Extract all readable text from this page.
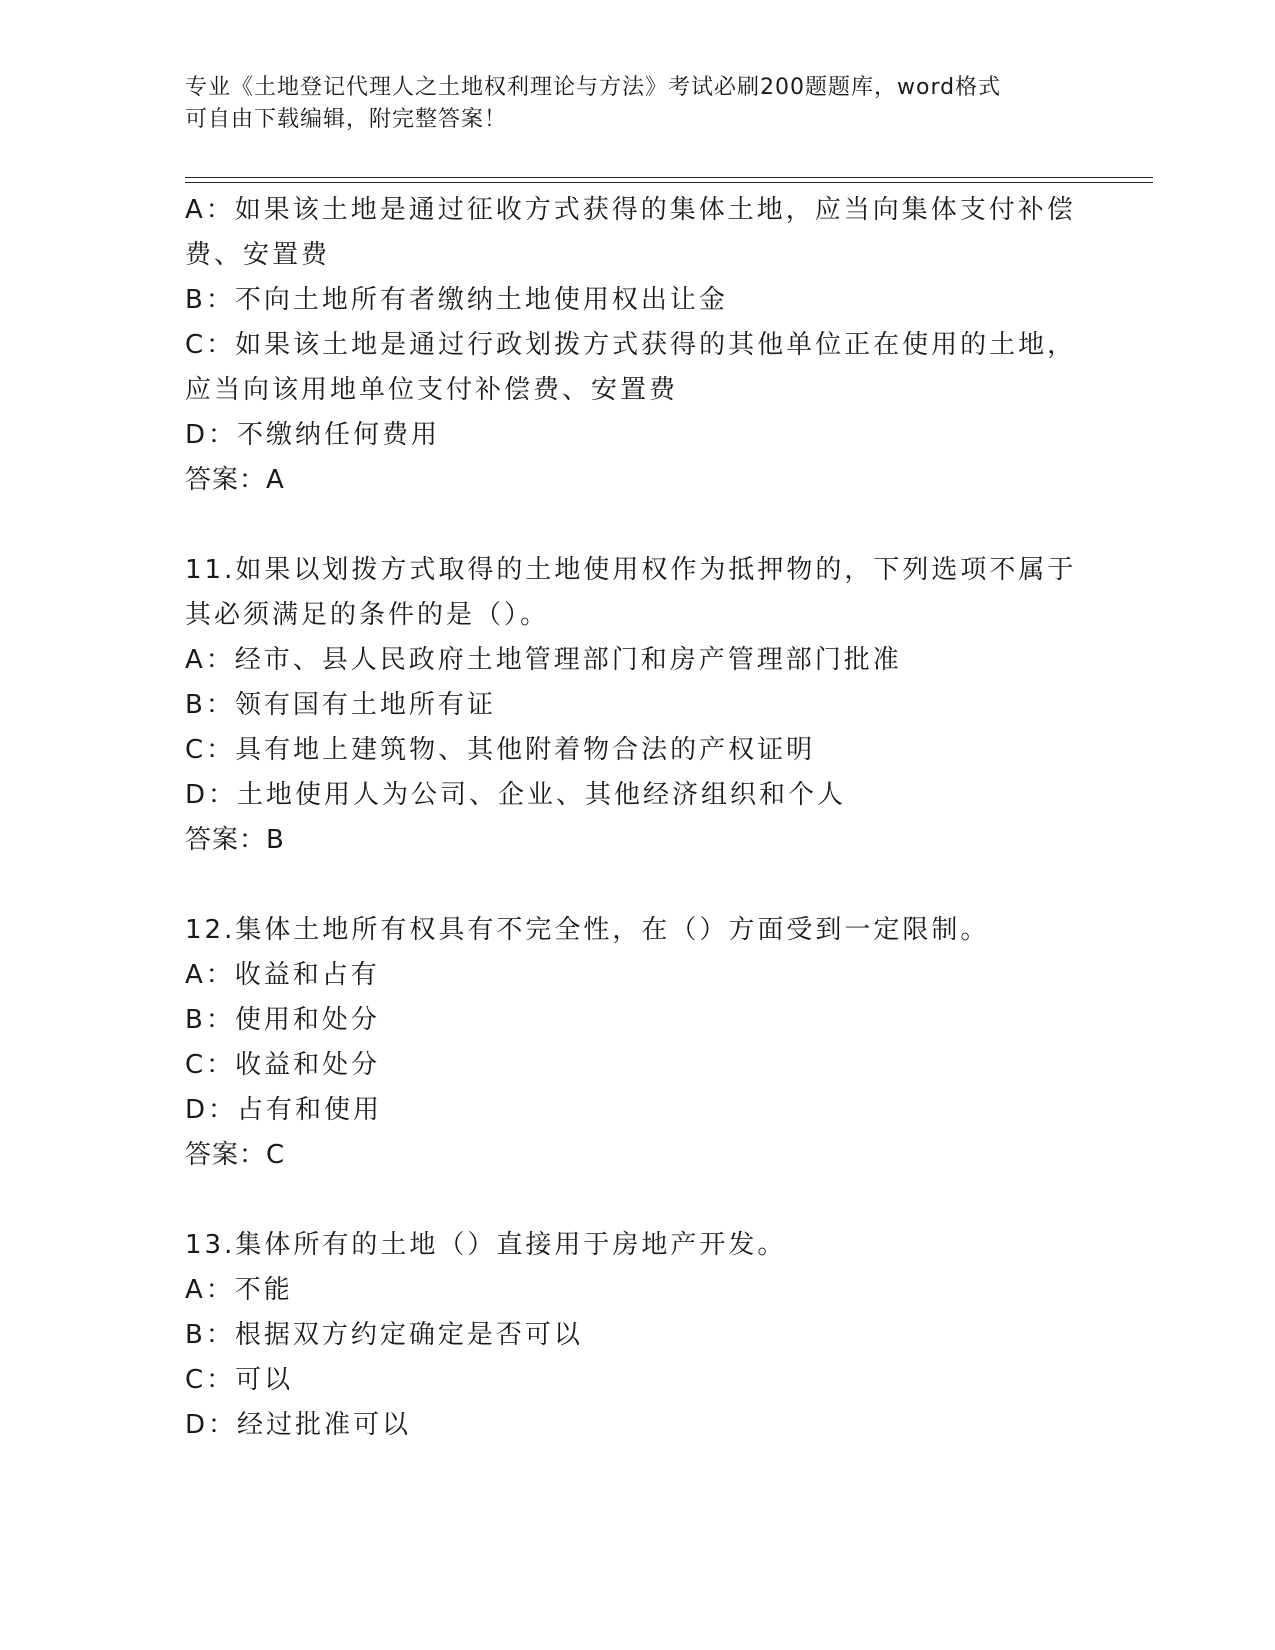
专业《土地登记代理人之土地权利理论与方法》考试必刷200题题库，word格式
可自由下载编辑，附完整答案！
A：如果该土地是通过征收方式获得的集体土地，应当向集体支付补偿
费、安置费
B：不向土地所有者缴纳土地使用权出让金
C：如果该土地是通过行政划拨方式获得的其他单位正在使用的土地，
应当向该用地单位支付补偿费、安置费
D：不缴纳任何费用
答案：A
11.如果以划拨方式取得的土地使用权作为抵押物的，下列选项不属于
其必须满足的条件的是（）。
A：经市、县人民政府土地管理部门和房产管理部门批准
B：领有国有土地所有证
C：具有地上建筑物、其他附着物合法的产权证明
D：土地使用人为公司、企业、其他经济组织和个人
答案：B
12.集体土地所有权具有不完全性，在（）方面受到一定限制。
A：收益和占有
B：使用和处分
C：收益和处分
D：占有和使用
答案：C
13.集体所有的土地（）直接用于房地产开发。
A：不能
B：根据双方约定确定是否可以
C：可以
D：经过批准可以
